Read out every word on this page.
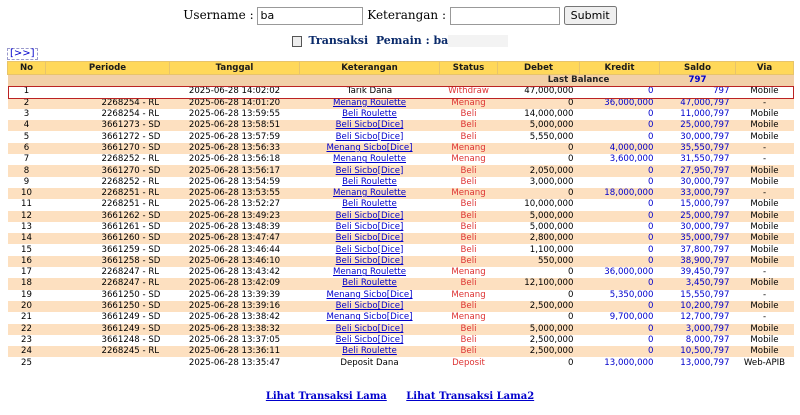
Username : ba	Keterangan :	Submit
Transaksi Pemain : ba
[>>]
No	Periode	Tanggal	Keterangan	Status	Debet	Kredit	Saldo	Via
					Last Balance		797	
1		2025-06-28 14:02:02	Tarik Dana	Withdraw	47,000,000	0	797	Mobile
2	2268254 - RL	2025-06-28 14:01:20	Menang Roulette	Menang	0	36,000,000	47,000,797	-
3	2268254 - RL	2025-06-28 13:59:55	Beli Roulette	Beli	14,000,000	0	11,000,797	Mobile
4	3661273 - SD	2025-06-28 13:58:51	Beli Sicbo[Dice]	Beli	5,000,000	0	25,000,797	Mobile
5	3661272 - SD	2025-06-28 13:57:59	Beli Sicbo[Dice]	Beli	5,550,000	0	30,000,797	Mobile
6	3661270 - SD	2025-06-28 13:56:33	Menang Sicbo[Dice]	Menang	0	4,000,000	35,550,797	-
7	2268252 - RL	2025-06-28 13:56:18	Menang Roulette	Menang	0	3,600,000	31,550,797	-
8	3661270 - SD	2025-06-28 13:56:17	Beli Sicbo[Dice]	Beli	2,050,000	0	27,950,797	Mobile
9	2268252 - RL	2025-06-28 13:54:59	Beli Roulette	Beli	3,000,000	0	30,000,797	Mobile
10	2268251 - RL	2025-06-28 13:53:55	Menang Roulette	Menang	0	18,000,000	33,000,797	-
11	2268251 - RL	2025-06-28 13:52:27	Beli Roulette	Beli	10,000,000	0	15,000,797	Mobile
12	3661262 - SD	2025-06-28 13:49:23	Beli Sicbo[Dice]	Beli	5,000,000	0	25,000,797	Mobile
13	3661261 - SD	2025-06-28 13:48:39	Beli Sicbo[Dice]	Beli	5,000,000	0	30,000,797	Mobile
14	3661260 - SD	2025-06-28 13:47:47	Beli Sicbo[Dice]	Beli	2,800,000	0	35,000,797	Mobile
15	3661259 - SD	2025-06-28 13:46:44	Beli Sicbo[Dice]	Beli	1,100,000	0	37,800,797	Mobile
16	3661258 - SD	2025-06-28 13:46:10	Beli Sicbo[Dice]	Beli	550,000	0	38,900,797	Mobile
17	2268247 - RL	2025-06-28 13:43:42	Menang Roulette	Menang	0	36,000,000	39,450,797	-
18	2268247 - RL	2025-06-28 13:42:09	Beli Roulette	Beli	12,100,000	0	3,450,797	Mobile
19	3661250 - SD	2025-06-28 13:39:39	Menang Sicbo[Dice]	Menang	0	5,350,000	15,550,797	-
20	3661250 - SD	2025-06-28 13:39:16	Beli Sicbo[Dice]	Beli	2,500,000	0	10,200,797	Mobile
21	3661249 - SD	2025-06-28 13:38:42	Menang Sicbo[Dice]	Menang	0	9,700,000	12,700,797	-
22	3661249 - SD	2025-06-28 13:38:32	Beli Sicbo[Dice]	Beli	5,000,000	0	3,000,797	Mobile
23	3661248 - SD	2025-06-28 13:37:05	Beli Sicbo[Dice]	Beli	2,500,000	0	8,000,797	Mobile
24	2268245 - RL	2025-06-28 13:36:11	Beli Roulette	Beli	2,500,000	0	10,500,797	Mobile
25		2025-06-28 13:35:47	Deposit Dana	Deposit	0	13,000,000	13,000,797	Web-APIB
Lihat Transaksi Lama Lihat Transaksi Lama2
